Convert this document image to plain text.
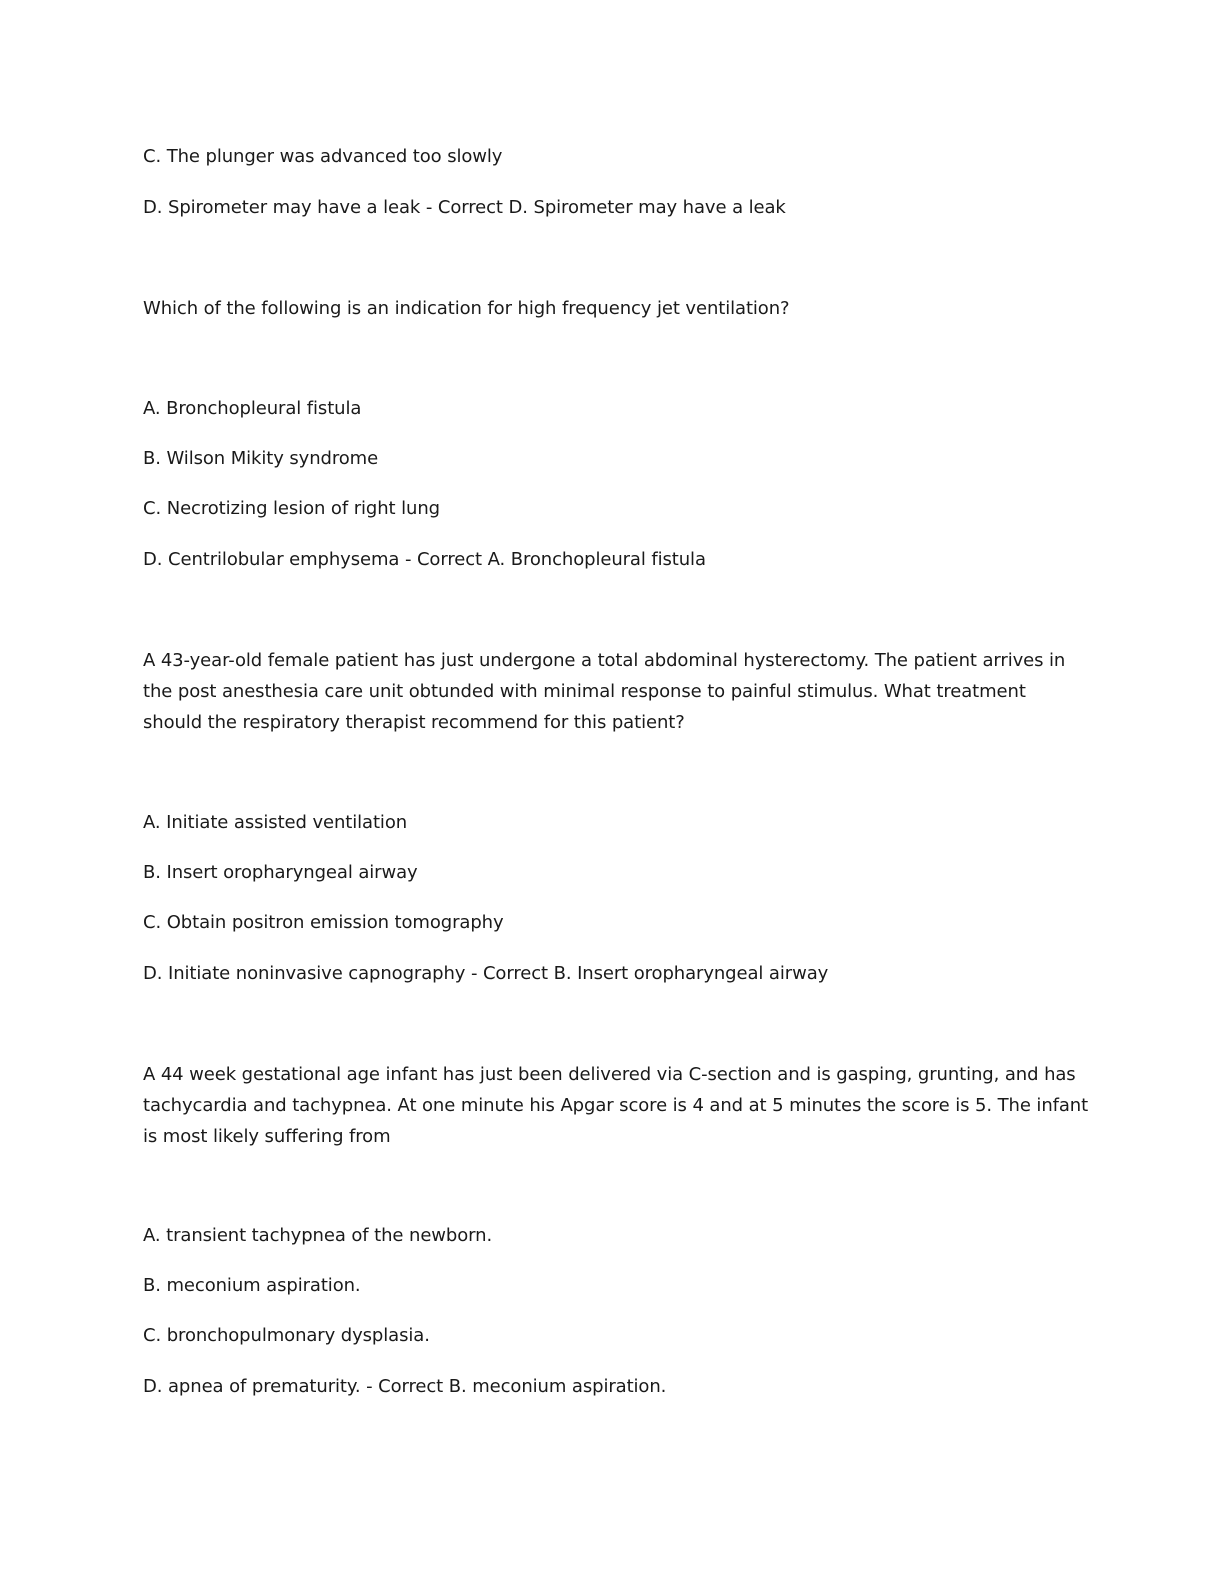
C. The plunger was advanced too slowly
D. Spirometer may have a leak - Correct D. Spirometer may have a leak
Which of the following is an indication for high frequency jet ventilation?
A. Bronchopleural fistula
B. Wilson Mikity syndrome
C. Necrotizing lesion of right lung
D. Centrilobular emphysema - Correct A. Bronchopleural fistula
A 43-year-old female patient has just undergone a total abdominal hysterectomy. The patient arrives in
the post anesthesia care unit obtunded with minimal response to painful stimulus. What treatment
should the respiratory therapist recommend for this patient?
A. Initiate assisted ventilation
B. Insert oropharyngeal airway
C. Obtain positron emission tomography
D. Initiate noninvasive capnography - Correct B. Insert oropharyngeal airway
A 44 week gestational age infant has just been delivered via C-section and is gasping, grunting, and has
tachycardia and tachypnea. At one minute his Apgar score is 4 and at 5 minutes the score is 5. The infant
is most likely suffering from
A. transient tachypnea of the newborn.
B. meconium aspiration.
C. bronchopulmonary dysplasia.
D. apnea of prematurity. - Correct B. meconium aspiration.
